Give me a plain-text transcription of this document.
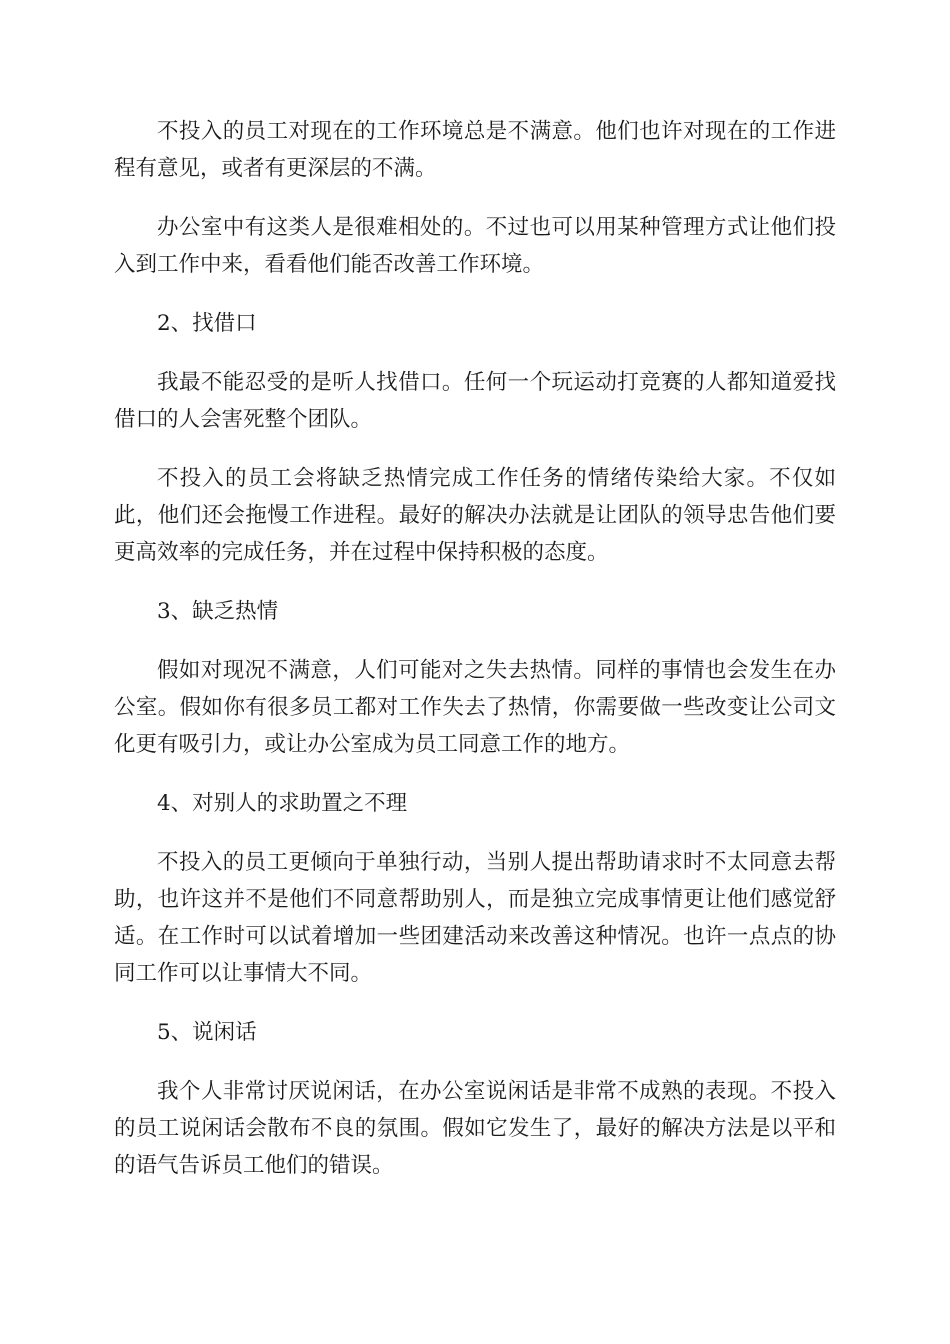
不投入的员工对现在的工作环境总是不满意。他们也许对现在的工作进程有意见，或者有更深层的不满。

办公室中有这类人是很难相处的。不过也可以用某种管理方式让他们投入到工作中来，看看他们能否改善工作环境。

2、找借口

我最不能忍受的是听人找借口。任何一个玩运动打竞赛的人都知道爱找借口的人会害死整个团队。

不投入的员工会将缺乏热情完成工作任务的情绪传染给大家。不仅如此，他们还会拖慢工作进程。最好的解决办法就是让团队的领导忠告他们要更高效率的完成任务，并在过程中保持积极的态度。

3、缺乏热情

假如对现况不满意，人们可能对之失去热情。同样的事情也会发生在办公室。假如你有很多员工都对工作失去了热情，你需要做一些改变让公司文化更有吸引力，或让办公室成为员工同意工作的地方。

4、对别人的求助置之不理

不投入的员工更倾向于单独行动，当别人提出帮助请求时不太同意去帮助，也许这并不是他们不同意帮助别人，而是独立完成事情更让他们感觉舒适。在工作时可以试着增加一些团建活动来改善这种情况。也许一点点的协同工作可以让事情大不同。

5、说闲话

我个人非常讨厌说闲话，在办公室说闲话是非常不成熟的表现。不投入的员工说闲话会散布不良的氛围。假如它发生了，最好的解决方法是以平和的语气告诉员工他们的错误。
